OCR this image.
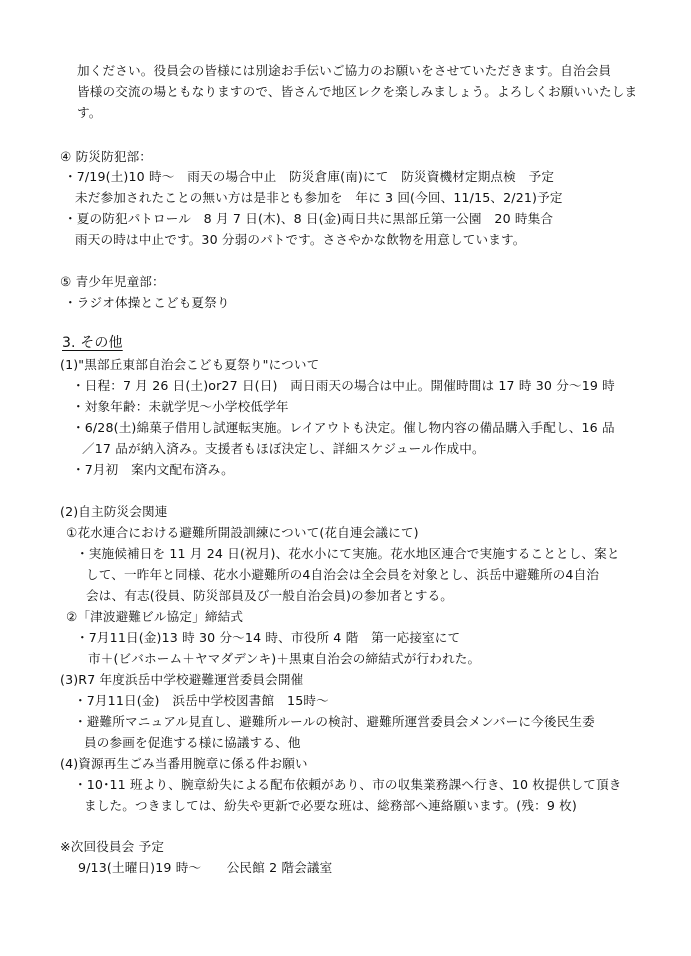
加ください。役員会の皆様には別途お手伝いご協力のお願いをさせていただきます。自治会員
皆様の交流の場ともなりますので、皆さんで地区レクを楽しみましょう。よろしくお願いいたしま
す。
④ 防災防犯部：
・7/19(土)10 時～　雨天の場合中止　防災倉庫(南)にて　防災資機材定期点検　予定
未だ参加されたことの無い方は是非とも参加を　年に 3 回(今回、11/15、2/21)予定
・夏の防犯パトロール　8 月 7 日(木)、8 日(金)両日共に黒部丘第一公園　20 時集合
雨天の時は中止です。30 分弱のパトです。ささやかな飲物を用意しています。
⑤ 青少年児童部：
・ラジオ体操とこども夏祭り
3. その他
(1)"黒部丘東部自治会こども夏祭り"について
・日程：7 月 26 日(土)or27 日(日)　両日雨天の場合は中止。開催時間は 17 時 30 分～19 時
・対象年齢：未就学児～小学校低学年
・6/28(土)綿菓子借用し試運転実施。レイアウトも決定。催し物内容の備品購入手配し、16 品
／17 品が納入済み。支援者もほぼ決定し、詳細スケジュール作成中。
・7月初　案内文配布済み。
(2)自主防災会関連
①花水連合における避難所開設訓練について(花自連会議にて)
・実施候補日を 11 月 24 日(祝月)、花水小にて実施。花水地区連合で実施することとし、案と
して、一昨年と同様、花水小避難所の4自治会は全会員を対象とし、浜岳中避難所の4自治
会は、有志(役員、防災部員及び一般自治会員)の参加者とする。
②「津波避難ビル協定」締結式
・7月11日(金)13 時 30 分～14 時、市役所 4 階　第一応接室にて
市＋(ビバホーム＋ヤマダデンキ)＋黒東自治会の締結式が行われた。
(3)R7 年度浜岳中学校避難運営委員会開催
・7月11日(金)　浜岳中学校図書館　15時～
・避難所マニュアル見直し、避難所ルールの検討、避難所運営委員会メンバーに今後民生委
員の参画を促進する様に協議する、他
(4)資源再生ごみ当番用腕章に係る件お願い
・10･11 班より、腕章紛失による配布依頼があり、市の収集業務課へ行き、10 枚提供して頂き
ました。つきましては、紛失や更新で必要な班は、総務部へ連絡願います。(残：9 枚)
※次回役員会 予定
9/13(土曜日)19 時～　　公民館 2 階会議室
